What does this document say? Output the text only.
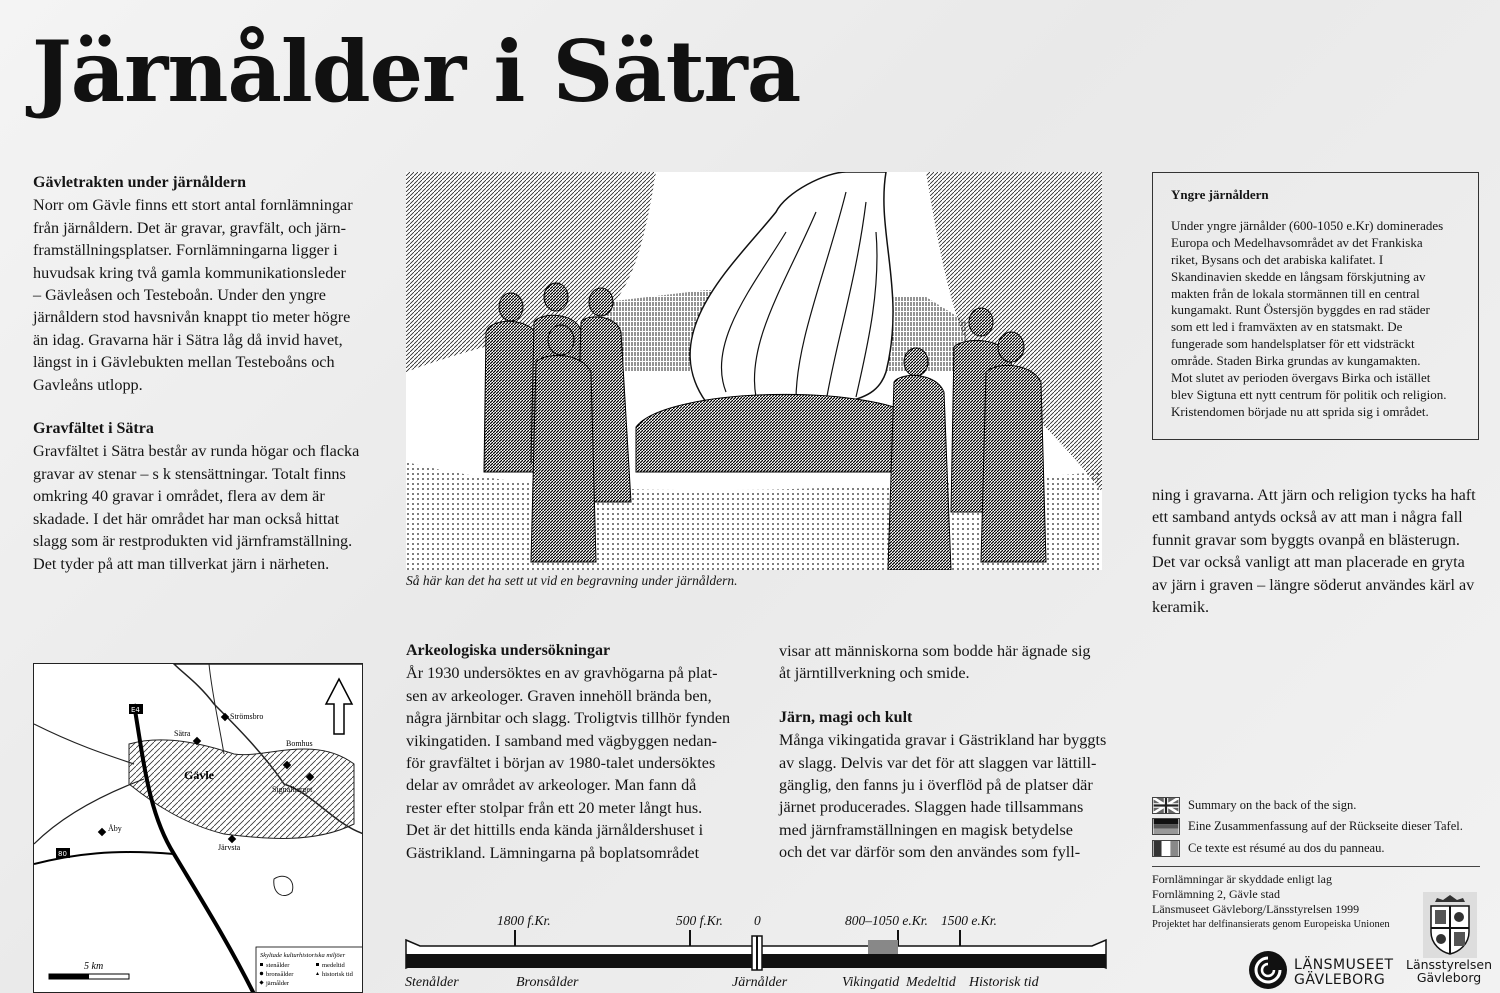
Järnålder i Sätra
Gävletrakten under järnåldern
Norr om Gävle finns ett stort antal fornlämningar
från järnåldern. Det är gravar, gravfält, och järn-
framställningsplatser. Fornlämningarna ligger i
huvudsak kring två gamla kommunikationsleder
– Gävleåsen och Testeboån. Under den yngre
järnåldern stod havsnivån knappt tio meter högre
än idag. Gravarna här i Sätra låg då invid havet,
längst in i Gävlebukten mellan Testeboåns och
Gavleåns utlopp.
Gravfältet i Sätra
Gravfältet i Sätra består av runda högar och flacka
gravar av stenar – s k stensättningar. Totalt finns
omkring 40 gravar i området, flera av dem är
skadade. I det här området har man också hittat
slagg som är restprodukten vid järnframställning.
Det tyder på att man tillverkat järn i närheten.
Så här kan det ha sett ut vid en begravning under järnåldern.
Yngre järnåldern
Under yngre järnålder (600-1050 e.Kr) dominerades
Europa och Medelhavsområdet av det Frankiska
riket, Bysans och det arabiska kalifatet. I
Skandinavien skedde en långsam förskjutning av
makten från de lokala stormännen till en central
kungamakt. Runt Östersjön byggdes en rad städer
som ett led i framväxten av en statsmakt. De
fungerade som handelsplatser för ett vidsträckt
område. Staden Birka grundas av kungamakten.
Mot slutet av perioden övergavs Birka och istället
blev Sigtuna ett nytt centrum för politik och religion.
Kristendomen började nu att sprida sig i området.
ning i gravarna. Att järn och religion tycks ha haft
ett samband antyds också av att man i några fall
funnit gravar som byggts ovanpå en blästerugn.
Det var också vanligt att man placerade en gryta
av järn i graven – längre söderut användes kärl av
keramik.
Arkeologiska undersökningar
År 1930 undersöktes en av gravhögarna på plat-
sen av arkeologer. Graven innehöll brända ben,
några järnbitar och slagg. Troligtvis tillhör fynden
vikingatiden. I samband med vägbyggen nedan-
för gravfältet i början av 1980-talet undersöktes
delar av området av arkeologer. Man fann då
rester efter stolpar från ett 20 meter långt hus.
Det är det hittills enda kända järnåldershuset i
Gästrikland. Lämningarna på boplatsområdet
visar att människorna som bodde här ägnade sig
åt järntillverkning och smide.
Järn, magi och kult
Många vikingatida gravar i Gästrikland har byggts
av slagg. Delvis var det för att slaggen var lättill-
gänglig, den fanns ju i överflöd på de platser där
järnet producerades. Slaggen hade tillsammans
med järnframställningen en magisk betydelse
och det var därför som den användes som fyll-
Strömsbro
Sätra
Bomhus
Gävle
Signalberget
Åby
Järvsta
E4
80
5 km
Skyltade kulturhistoriska miljöer
stenålder	medeltid
bronsålder	historisk tid
järnålder
Summary on the back of the sign.
Eine Zusammenfassung auf der Rückseite dieser Tafel.
Ce texte est résumé au dos du panneau.
Fornlämningar är skyddade enligt lag
Fornlämning 2, Gävle stad
Länsmuseet Gävleborg/Länsstyrelsen 1999
Projektet har delfinansierats genom Europeiska Unionen
LÄNSMUSEET
GÄVLEBORG
Länsstyrelsen
Gävleborg
1800 f.Kr.	500 f.Kr. 0	800–1050 e.Kr. 1500 e.Kr.
Stenålder	Bronsålder	Järnålder	Vikingatid Medeltid Historisk tid
